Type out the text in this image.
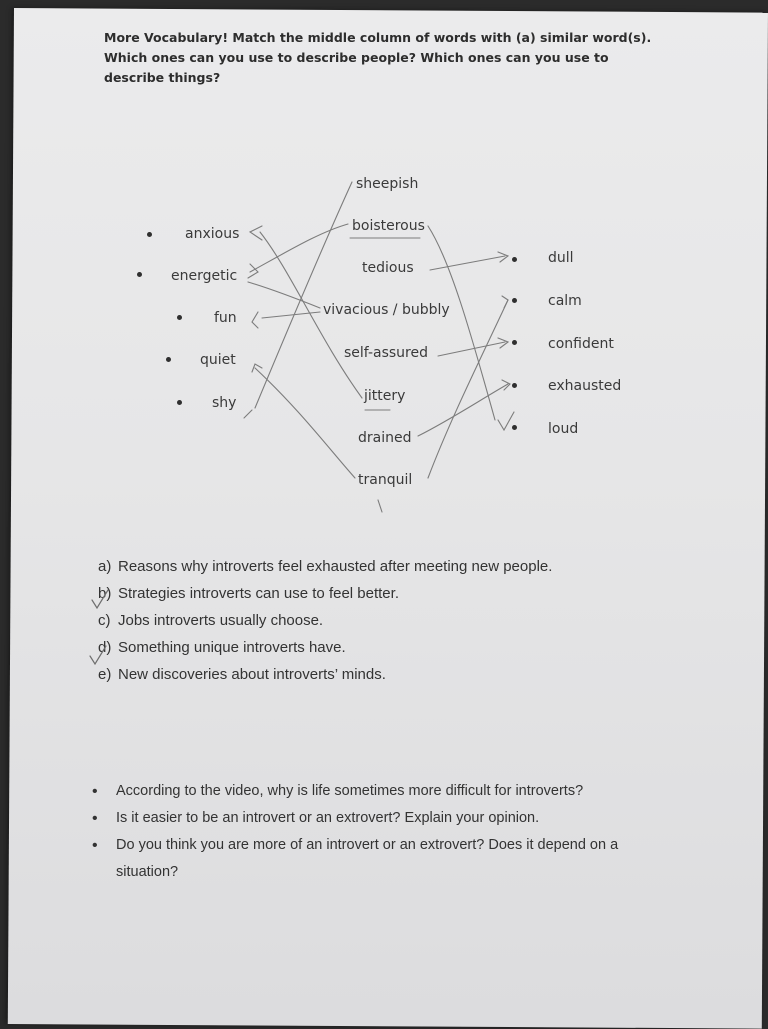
More Vocabulary! Match the middle column of words with (a) similar word(s). Which ones can you use to describe people? Which ones can you use to describe things?
anxious
energetic
fun
quiet
shy
sheepish
boisterous
tedious
vivacious / bubbly
self-assured
jittery
drained
tranquil
dull
calm
confident
exhausted
loud
a) Reasons why introverts feel exhausted after meeting new people.
b) Strategies introverts can use to feel better.
c) Jobs introverts usually choose.
d) Something unique introverts have.
e) New discoveries about introverts’ minds.
•	According to the video, why is life sometimes more difficult for introverts?
•	Is it easier to be an introvert or an extrovert? Explain your opinion.
•	Do you think you are more of an introvert or an extrovert? Does it depend on a situation?
